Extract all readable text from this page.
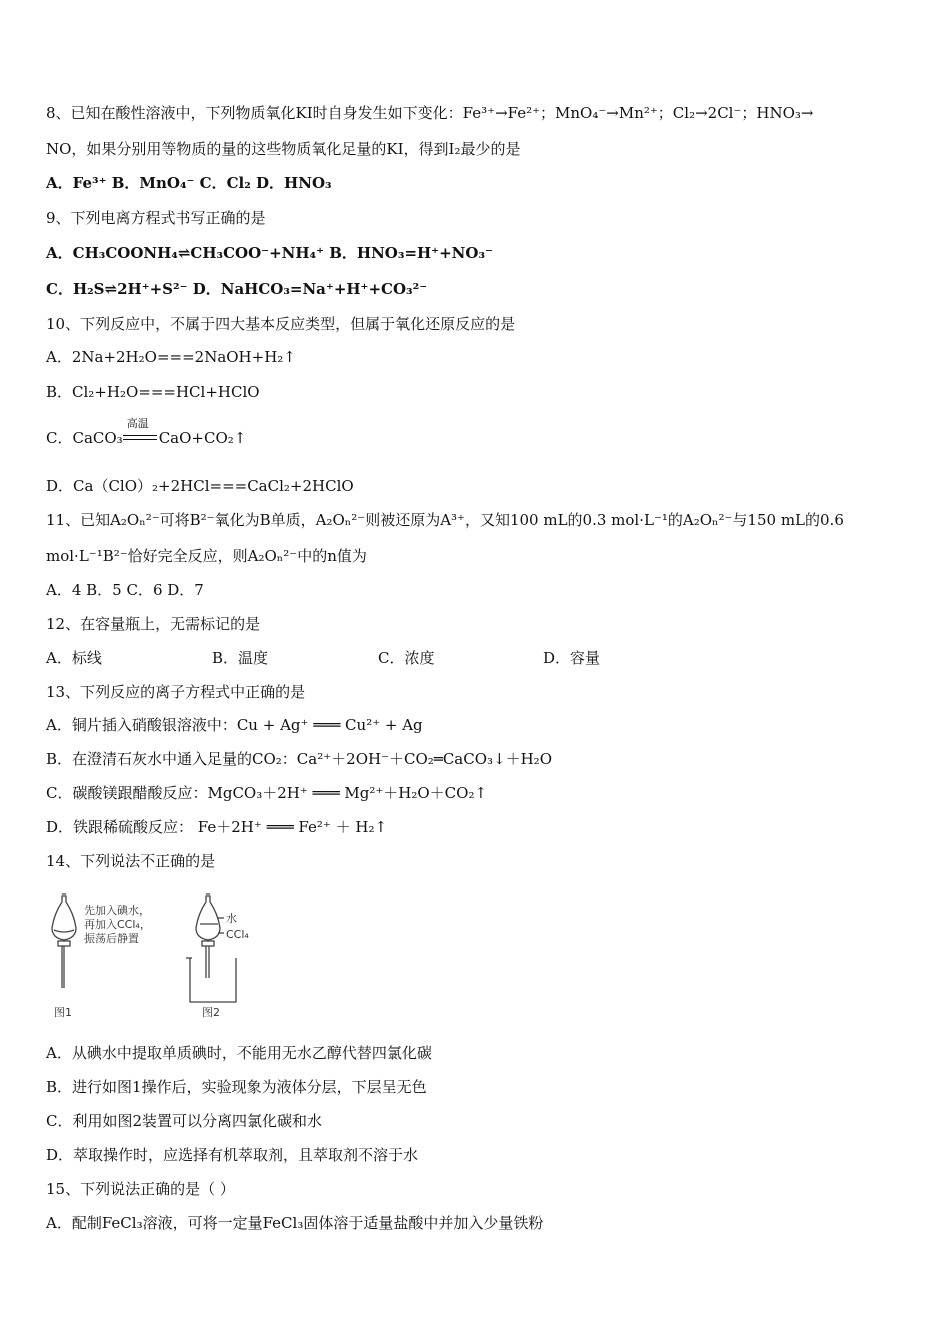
8、已知在酸性溶液中，下列物质氧化KI时自身发生如下变化：Fe³⁺→Fe²⁺；MnO₄⁻→Mn²⁺；Cl₂→2Cl⁻；HNO₃→
NO，如果分别用等物质的量的这些物质氧化足量的KI，得到I₂最少的是
A．Fe³⁺ B．MnO₄⁻ C．Cl₂ D．HNO₃
9、下列电离方程式书写正确的是
A．CH₃COONH₄⇌CH₃COO⁻+NH₄⁺ B．HNO₃=H⁺+NO₃⁻
C．H₂S⇌2H⁺+S²⁻ D．NaHCO₃=Na⁺+H⁺+CO₃²⁻
10、下列反应中，不属于四大基本反应类型，但属于氧化还原反应的是
A．2Na+2H₂O===2NaOH+H₂↑
B．Cl₂+H₂O===HCl+HClO
C．CaCO₃
高温
CaO+CO₂↑
D．Ca（ClO）₂+2HCl===CaCl₂+2HClO
11、已知A₂Oₙ²⁻可将B²⁻氧化为B单质，A₂Oₙ²⁻则被还原为A³⁺，又知100 mL的0.3 mol·L⁻¹的A₂Oₙ²⁻与150 mL的0.6
mol·L⁻¹B²⁻恰好完全反应，则A₂Oₙ²⁻中的n值为
A．4 B．5 C．6 D．7
12、在容量瓶上，无需标记的是
A．标线	B．温度	C．浓度	D．容量
13、下列反应的离子方程式中正确的是
A．铜片插入硝酸银溶液中：Cu + Ag⁺ ═══ Cu²⁺ + Ag
B．在澄清石灰水中通入足量的CO₂：Ca²⁺＋2OH⁻＋CO₂═CaCO₃↓＋H₂O
C．碳酸镁跟醋酸反应：MgCO₃＋2H⁺ ═══ Mg²⁺＋H₂O＋CO₂↑
D．铁跟稀硫酸反应： Fe＋2H⁺ ═══ Fe²⁺ ＋ H₂↑
14、下列说法不正确的是
先加入碘水，
再加入CCl₄，
振荡后静置
图1
水
CCl₄
图2
A．从碘水中提取单质碘时，不能用无水乙醇代替四氯化碳
B．进行如图1操作后，实验现象为液体分层，下层呈无色
C．利用如图2装置可以分离四氯化碳和水
D．萃取操作时，应选择有机萃取剂，且萃取剂不溶于水
15、下列说法正确的是（ ）
A．配制FeCl₃溶液，可将一定量FeCl₃固体溶于适量盐酸中并加入少量铁粉
